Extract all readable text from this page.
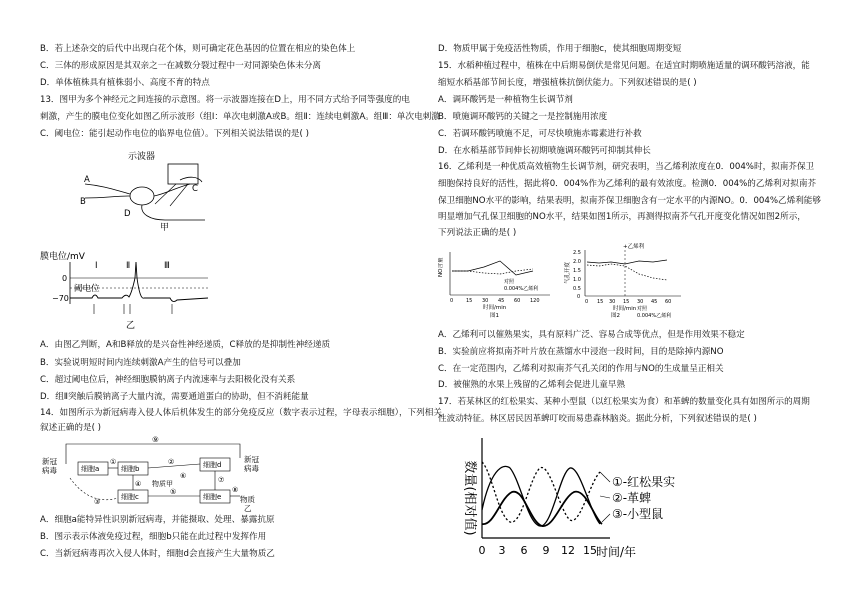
B．若上述杂交的后代中出现白花个体，则可确定花色基因的位置在相应的染色体上
C．三体的形成原因是其双亲之一在减数分裂过程中一对同源染色体未分离
D．单体植株具有植株弱小、高度不育的特点
13．图甲为多个神经元之间连接的示意图。将一示波器连接在D上，用不同方式给予同等强度的电
刺激，产生的膜电位变化如图乙所示波形（组Ⅰ：单次电刺激A或B。组Ⅱ：连续电刺激A。组Ⅲ：单次电刺激
C．阈电位：能引起动作电位的临界电位值）。下列相关说法错误的是( )
示波器
A
B
C
D
甲
膜电位/mV
Ⅰ	Ⅱ	Ⅲ
0
阈电位
−70
乙
A．由图乙判断，A和B释放的是兴奋性神经递质，C释放的是抑制性神经递质
B．实验说明短时间内连续刺激A产生的信号可以叠加
C．超过阈电位后，神经细胞膜钠离子内流速率与去阳极化没有关系
D．组Ⅱ突触后膜钠离子大量内流，需要通道蛋白的协助，但不消耗能量
14．如图所示为新冠病毒入侵人体后机体发生的部分免疫反应（数字表示过程，字母表示细胞），下列相关
叙述正确的是( )
⑨
新冠
病毒	细胞a	细胞b	细胞d
细胞c	细胞e
物质甲
①	②
③
④
⑤
⑥	⑦
⑧
新冠
病毒
物质
乙
A．细胞a能特异性识别新冠病毒，并能摄取、处理、暴露抗原
B．图示表示体液免疫过程，细胞b只能在此过程中发挥作用
C．当新冠病毒再次入侵人体时，细胞d会直接产生大量物质乙
D．物质甲属于免疫活性物质，作用于细胞c，使其细胞周期变短
15．水稻种植过程中，植株在中后期易倒伏是常见问题。在适宜时期喷施适量的调环酸钙溶液，能
缩短水稻基部节间长度，增强植株抗倒伏能力。下列叙述错误的是( )
A．调环酸钙是一种植物生长调节剂
B．喷施调环酸钙的关键之一是控制施用浓度
C．若调环酸钙喷施不足，可尽快喷施赤霉素进行补救
D．在水稻基部节间伸长初期喷施调环酸钙可抑制其伸长
16．乙烯利是一种优质高效植物生长调节剂，研究表明，当乙烯利浓度在0．004%时，拟南芥保卫
细胞保持良好的活性，据此将0．004%作为乙烯利的最有效浓度。检测0．004%的乙烯利对拟南芥
保卫细胞NO水平的影响，结果表明，拟南芥保卫细胞含有一定水平的内源NO。0．004%乙烯利能够
明显增加气孔保卫细胞的NO水平，结果如图1所示，再测得拟南芥气孔开度变化情况如图2所示，
下列说法正确的是( )
NO含量
0	15 30 45 60 120
时间/min
对照
0.004%乙烯利
图1
+乙烯利
气孔开度
2.5
2.0
1.5
1.0
0.5
0
0 15 30 15 30 45 60
时间/min 对照
0.004%乙烯利
图2
A．乙烯利可以催熟果实，具有原料广泛、容易合成等优点，但是作用效果不稳定
B．实验前应将拟南芥叶片放在蒸馏水中浸泡一段时间，目的是除掉内源NO
C．在一定范围内，乙烯利对拟南芥气孔关闭的作用与NO的生成量呈正相关
D．被催熟的水果上残留的乙烯利会促进儿童早熟
17．若某林区的红松果实、某种小型鼠（以红松果实为食）和革蜱的数量变化具有如图所示的周期
性波动特征。林区居民因革蜱叮咬而易患森林脑炎。据此分析，下列叙述错误的是( )
数量(相对值)
0 3 6 9 12 15 时间/年
①-红松果实
②-革蜱
③-小型鼠
